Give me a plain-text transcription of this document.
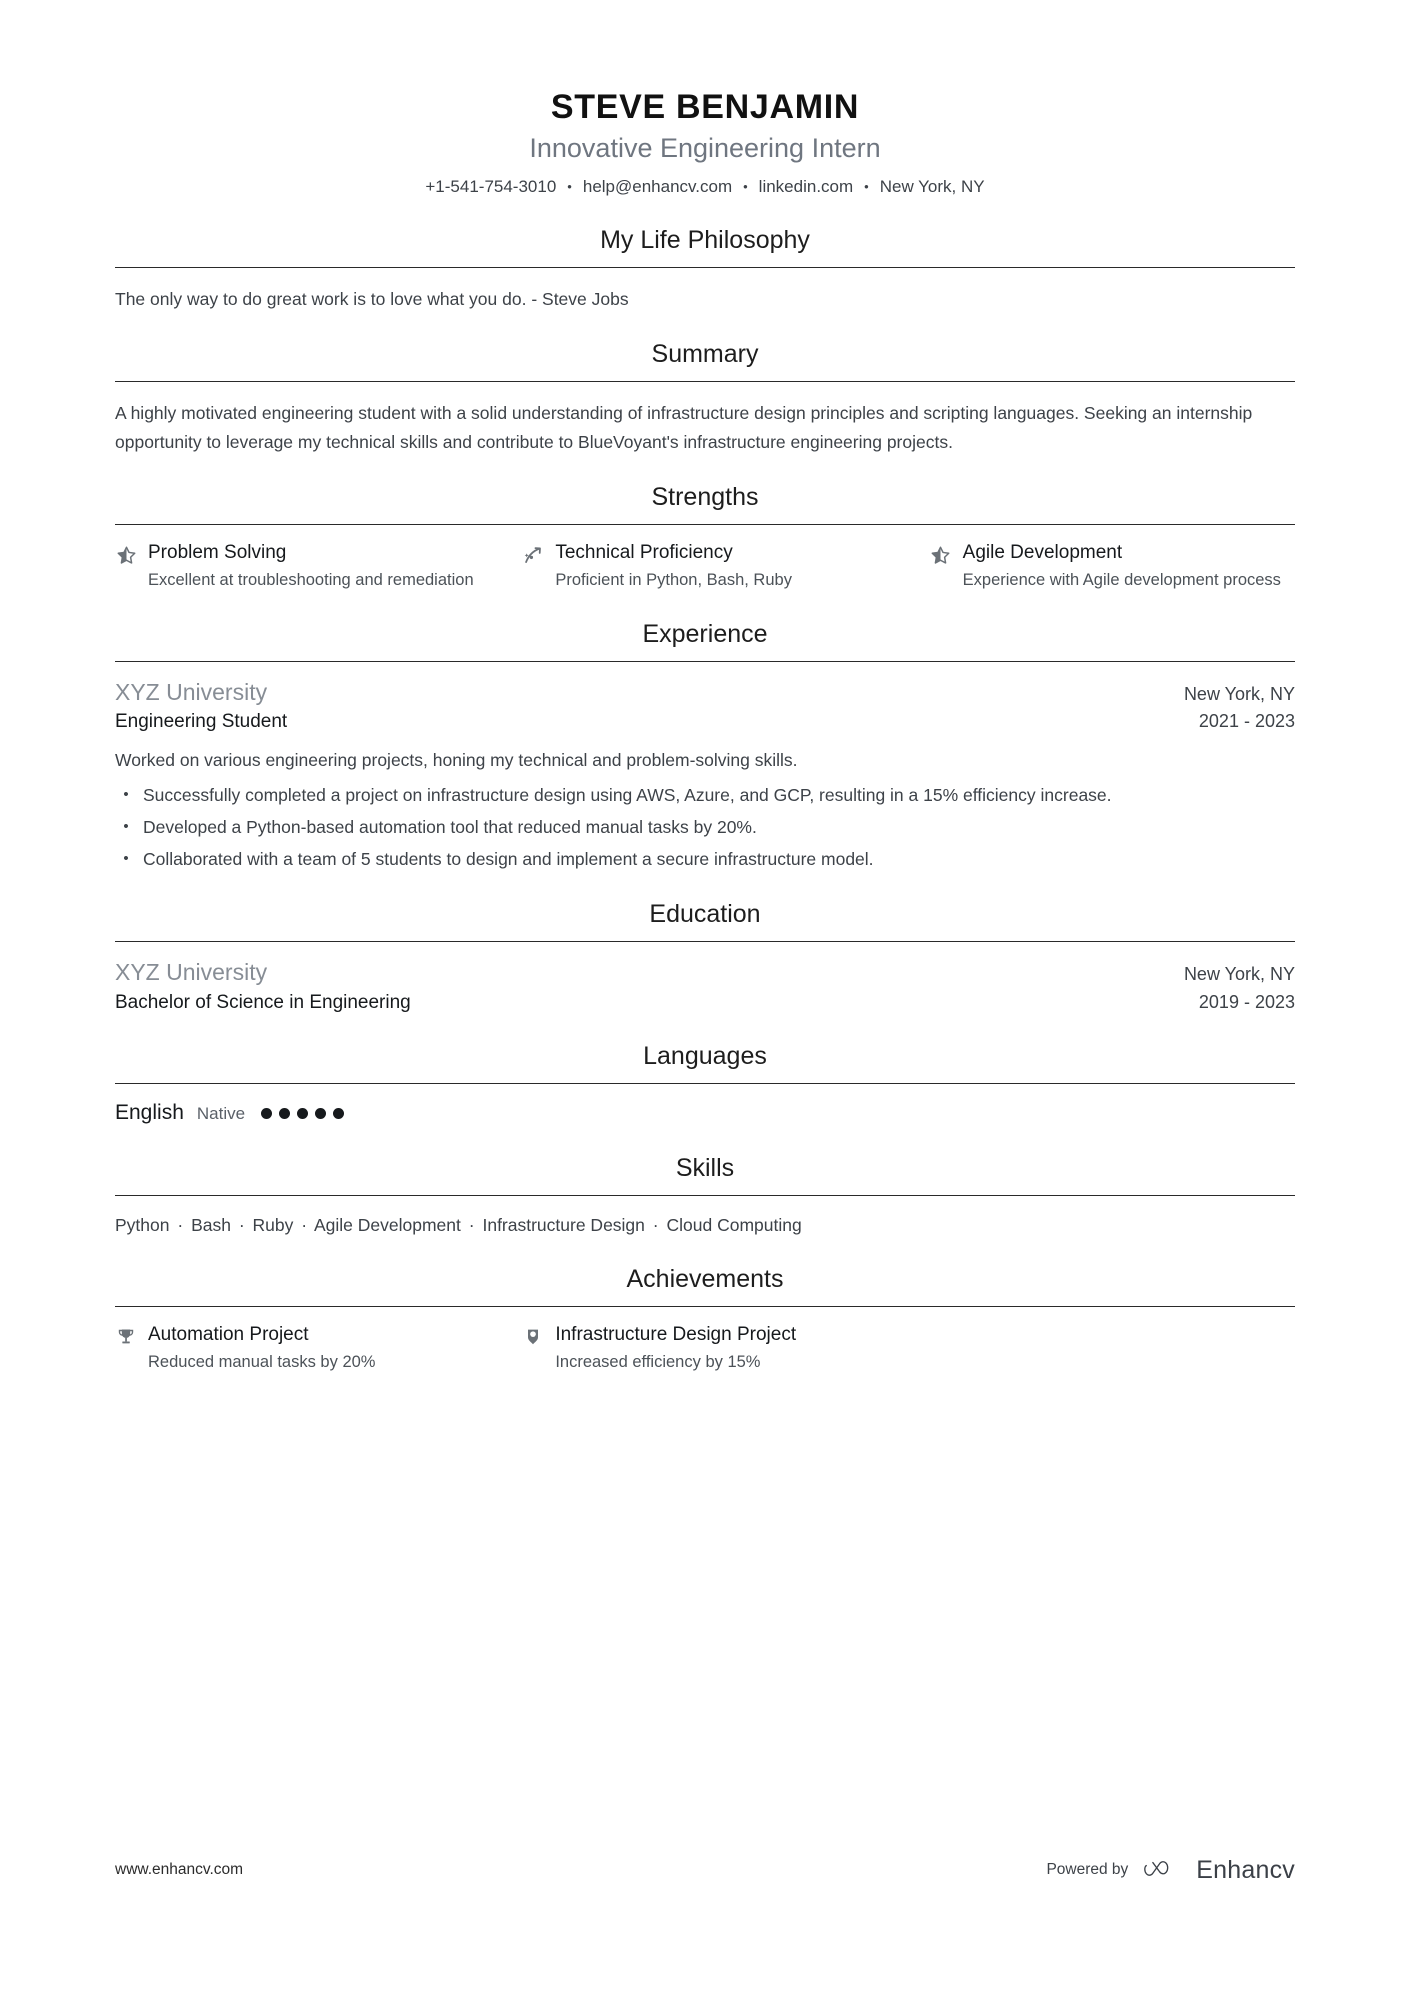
STEVE BENJAMIN
Innovative Engineering Intern
+1-541-754-3010 • help@enhancv.com • linkedin.com • New York, NY
My Life Philosophy
The only way to do great work is to love what you do. - Steve Jobs
Summary
A highly motivated engineering student with a solid understanding of infrastructure design principles and scripting languages. Seeking an internship opportunity to leverage my technical skills and contribute to BlueVoyant's infrastructure engineering projects.
Strengths
Problem Solving
Excellent at troubleshooting and remediation
Technical Proficiency
Proficient in Python, Bash, Ruby
Agile Development
Experience with Agile development process
Experience
XYZ University	New York, NY
Engineering Student	2021 - 2023
Worked on various engineering projects, honing my technical and problem-solving skills.
• Successfully completed a project on infrastructure design using AWS, Azure, and GCP, resulting in a 15% efficiency increase.
• Developed a Python-based automation tool that reduced manual tasks by 20%.
• Collaborated with a team of 5 students to design and implement a secure infrastructure model.
Education
XYZ University	New York, NY
Bachelor of Science in Engineering	2019 - 2023
Languages
English Native
Skills
Python · Bash · Ruby · Agile Development · Infrastructure Design · Cloud Computing
Achievements
Automation Project
Reduced manual tasks by 20%
Infrastructure Design Project
Increased efficiency by 15%
www.enhancv.com	Powered by	Enhancv
